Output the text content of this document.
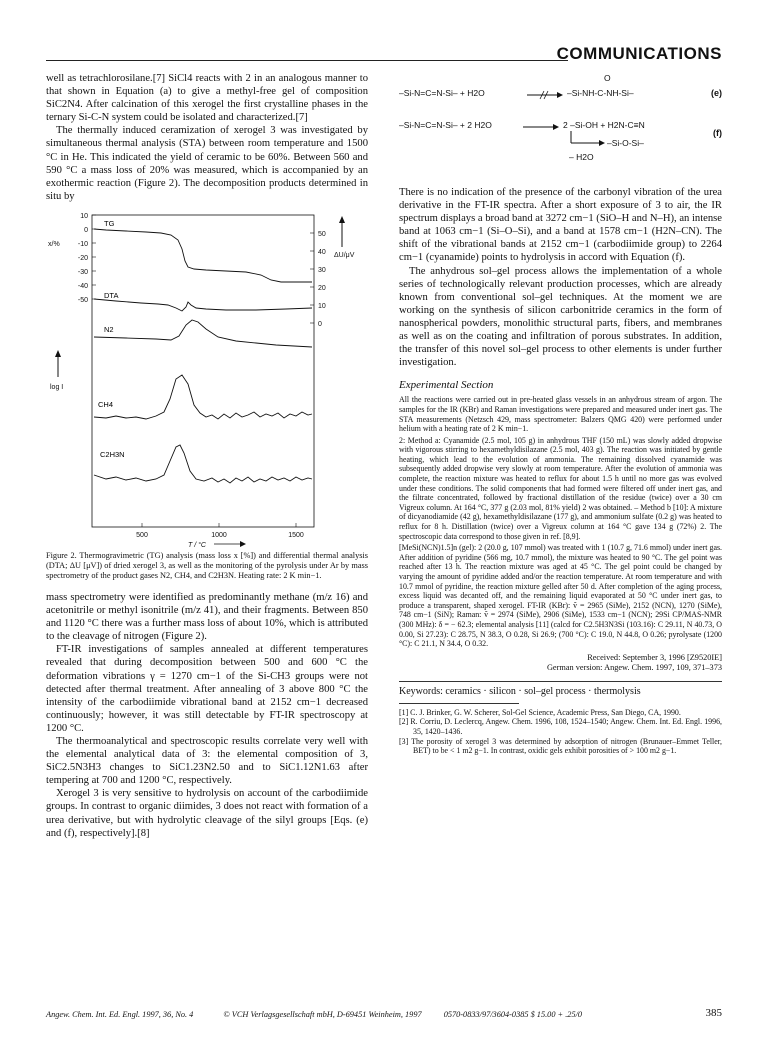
COMMUNICATIONS

well as tetrachlorosilane.[7] SiCl4 reacts with 2 in an analogous manner to that shown in Equation (a) to give a methyl-free gel of composition SiC2N4. After calcination of this xerogel the first crystalline phases in the ternary Si-C-N system could be isolated and characterized.[7]

The thermally induced ceramization of xerogel 3 was investigated by simultaneous thermal analysis (STA) between room temperature and 1500 °C in He. This indicated the yield of ceramic to be 60%. Between 560 and 590 °C a mass loss of 20% was measured, which is accompanied by an exothermic reaction (Figure 2). The decomposition products determined in situ by

10
0
-10
-20
-30
-40
-50
x/%
50
40
30
20
10
0
ΔU/μV
log I
500	1000	1500
T / °C
TG
DTA
N2
CH4
C2H3N

Figure 2. Thermogravimetric (TG) analysis (mass loss x [%]) and differential thermal analysis (DTA; ΔU [μV]) of dried xerogel 3, as well as the monitoring of the pyrolysis under Ar by mass spectrometry of the product gases N2, CH4, and C2H3N. Heating rate: 2 K min−1.

mass spectrometry were identified as predominantly methane (m/z 16) and acetonitrile or methyl isonitrile (m/z 41), and their fragments. Between 850 and 1120 °C there was a further mass loss of about 10%, which is attributed to the cleavage of nitrogen (Figure 2).

FT-IR investigations of samples annealed at different temperatures revealed that during decomposition between 500 and 600 °C the deformation vibrations γ = 1270 cm−1 of the Si-CH3 groups were not detected after thermal treatment. After annealing of 3 above 800 °C the intensity of the carbodiimide vibrational band at 2152 cm−1 decreased continuously; however, it was still detectable by FT-IR spectroscopy at 1200 °C.

The thermoanalytical and spectroscopic results correlate very well with the elemental analytical data of 3: the elemental composition of 3, SiC2.5N3H3 changes to SiC1.23N2.50 and to SiC1.12N1.63 after tempering at 700 and 1200 °C, respectively.

Xerogel 3 is very sensitive to hydrolysis on account of the carbodiimide groups. In contrast to organic diimides, 3 does not react with formation of a urea derivative, but with hydrolytic cleavage of the silyl groups [Eqs. (e) and (f), respectively].[8]

–Si-N=C=N-Si– + H2O	–Si-NH-C-NH-Si–
O
(e)
–Si-N=C=N-Si– + 2 H2O	2 –Si-OH + H2N-C≡N
–Si-O-Si–
– H2O
(f)

There is no indication of the presence of the carbonyl vibration of the urea derivative in the FT-IR spectra. After a short exposure of 3 to air, the IR spectrum displays a broad band at 3272 cm−1 (SiO–H and N–H), an intense band at 1063 cm−1 (Si–O–Si), and a band at 1578 cm−1 (H2N–CN). The shift of the vibrational bands at 2152 cm−1 (carbodiimide group) to 2264 cm−1 (cyanamide) points to hydrolysis in accord with Equation (f).

The anhydrous sol–gel process allows the implementation of a whole series of technologically relevant production processes, which are already known from conventional sol–gel techniques. At the moment we are working on the synthesis of silicon carbonitride ceramics in the form of nanospherical powders, monolithic structural parts, fibers, and membranes as well as on the coating and infiltration of porous substrates. In addition, the transfer of this novel sol–gel process to other elements is under further investigation.

Experimental Section

All the reactions were carried out in pre-heated glass vessels in an anhydrous stream of argon. The samples for the IR (KBr) and Raman investigations were prepared and measured under inert gas. The STA measurements (Netzsch 429, mass spectrometer: Balzers QMG 420) were performed under helium with a heating rate of 2 K min−1.

2: Method a: Cyanamide (2.5 mol, 105 g) in anhydrous THF (150 mL) was slowly added dropwise with vigorous stirring to hexamethyldisilazane (2.5 mol, 403 g). The reaction was initiated by gentle heating, which lead to the evolution of ammonia. The remaining dissolved cyanamide was subsequently added dropwise very slowly at room temperature. After the evolution of ammonia was complete, the reaction mixture was heated to reflux for about 1.5 h until no more gas was evolved under these conditions. The solid components that had formed were filtered off under inert gas, and the filtrate concentrated, followed by fractional distillation of the residue (twice) over a 30 cm Vigreux column. At 164 °C, 377 g (2.03 mol, 81% yield) 2 was obtained. – Method b [10]: A mixture of dicyanodiamide (42 g), hexamethyldisilazane (177 g), and ammonium sulfate (0.2 g) was heated to reflux for 8 h. Distillation (twice) over a Vigreux column at 164 °C gave 134 g (72%) 2. The spectroscopic data correspond to those given in ref. [8,9].

[MeSi(NCN)1.5]n (gel): 2 (20.0 g, 107 mmol) was treated with 1 (10.7 g, 71.6 mmol) under inert gas. After addition of pyridine (566 mg, 10.7 mmol), the mixture was heated to 90 °C. The gel point was reached after 13 h. The reaction mixture was aged at 45 °C. The gel point could be changed by varying the amount of pyridine added and/or the reaction temperature. At room temperature and with 10.7 mmol of pyridine, the reaction mixture gelled after 50 d. After completion of the aging process, excess liquid was decanted off, and the remaining liquid evaporated at 50 °C under inert gas, to produce a transparent, shaped xerogel. FT-IR (KBr): ṽ = 2965 (SiMe), 2152 (NCN), 1270 (SiMe), 748 cm−1 (SiN); Raman: ṽ = 2974 (SiMe), 2906 (SiMe), 1533 cm−1 (NCN); 29Si CP/MAS-NMR (300 MHz): δ = − 62.3; elemental analysis [11] (calcd for C2.5H3N3Si (103.16): C 29.11, N 40.73, O 0.00, Si 27.23): C 28.75, N 38.3, O 0.28, Si 26.9; (700 °C): C 19.0, N 44.8, O 0.26; pyrolysate (1200 °C): C 21.1, N 34.4, O 0.32.

Received: September 3, 1996 [Z9520IE]

German version: Angew. Chem. 1997, 109, 371–373

Keywords: ceramics · silicon · sol–gel process · thermolysis

[1] C. J. Brinker, G. W. Scherer, Sol-Gel Science, Academic Press, San Diego, CA, 1990.

[2] R. Corriu, D. Leclercq, Angew. Chem. 1996, 108, 1524–1540; Angew. Chem. Int. Ed. Engl. 1996, 35, 1420–1436.

[3] The porosity of xerogel 3 was determined by adsorption of nitrogen (Brunauer–Emmet Teller, BET) to be < 1 m2 g−1. In contrast, oxidic gels exhibit porosities of > 100 m2 g−1.

Angew. Chem. Int. Ed. Engl. 1997, 36, No. 4	© VCH Verlagsgesellschaft mbH, D-69451 Weinheim, 1997	0570-0833/97/3604-0385 $ 15.00 + .25/0	385
